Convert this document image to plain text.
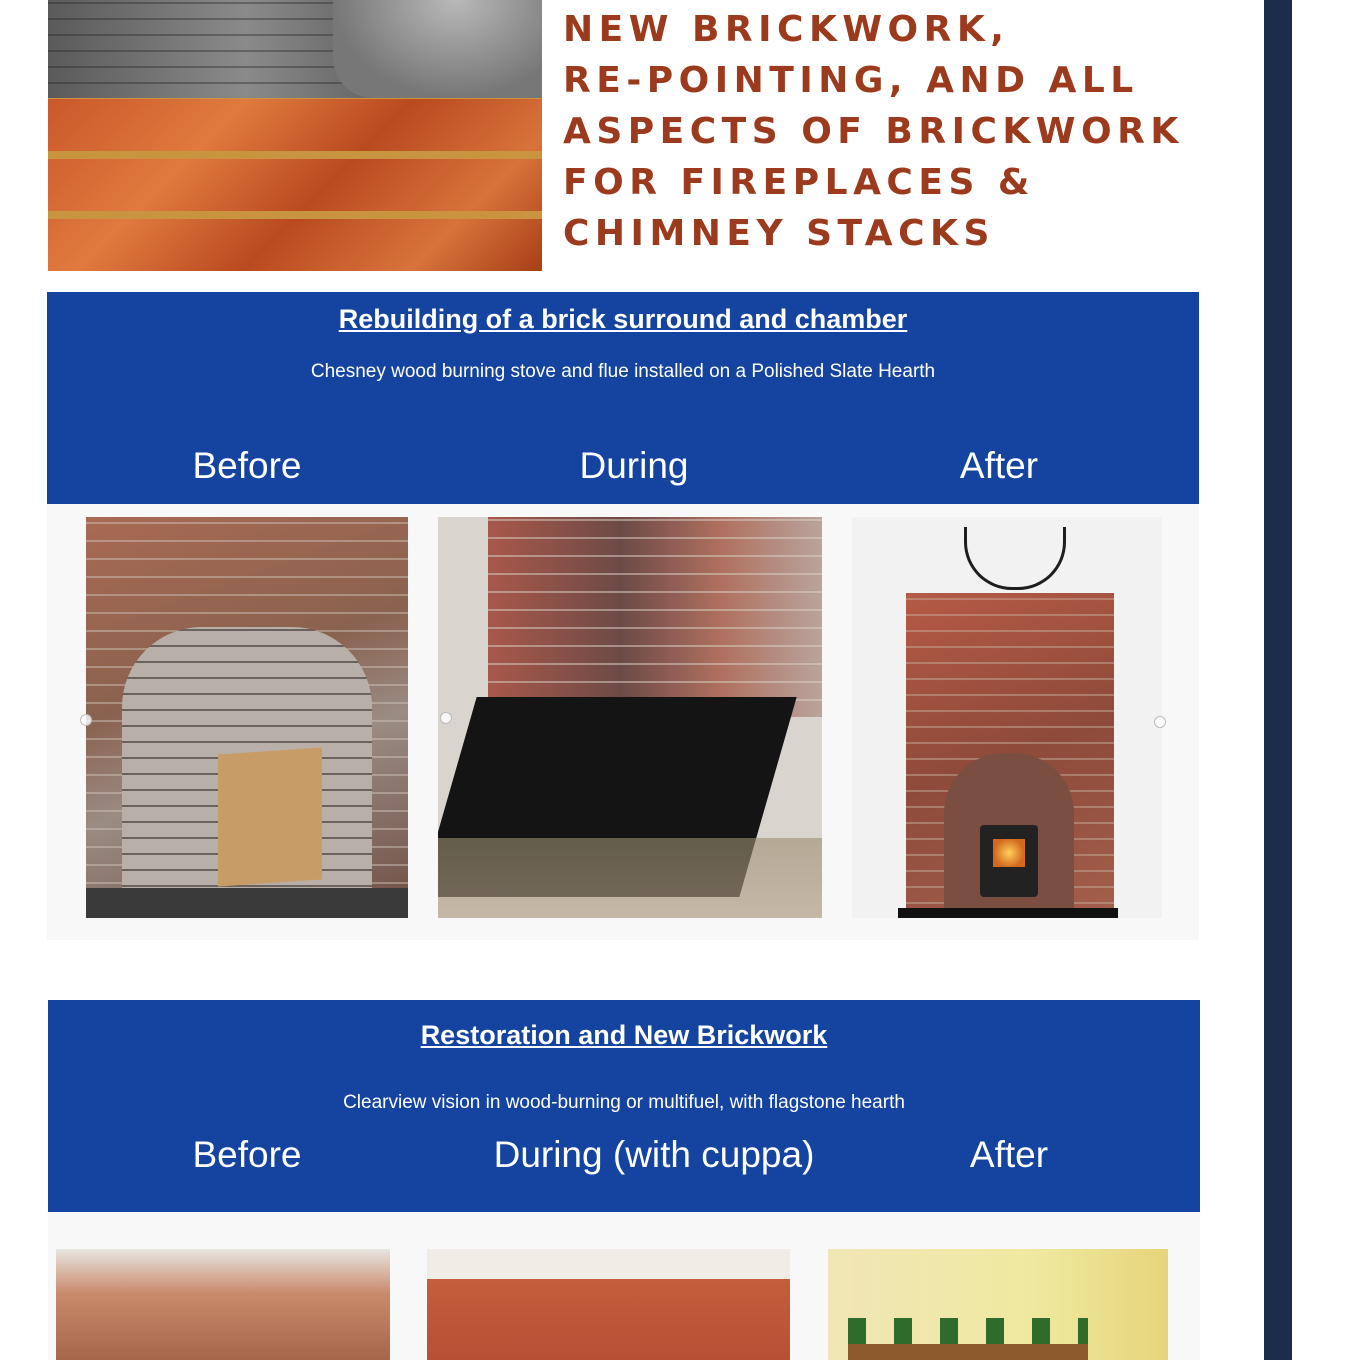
NEW BRICKWORK,
RE-POINTING, AND ALL
ASPECTS OF BRICKWORK
FOR FIREPLACES &
CHIMNEY STACKS
Rebuilding of a brick surround and chamber
Chesney wood burning stove and flue installed on a Polished Slate Hearth
Before	During	After
Restoration and New Brickwork
Clearview vision in wood-burning or multifuel, with flagstone hearth
Before	During (with cuppa)	After
